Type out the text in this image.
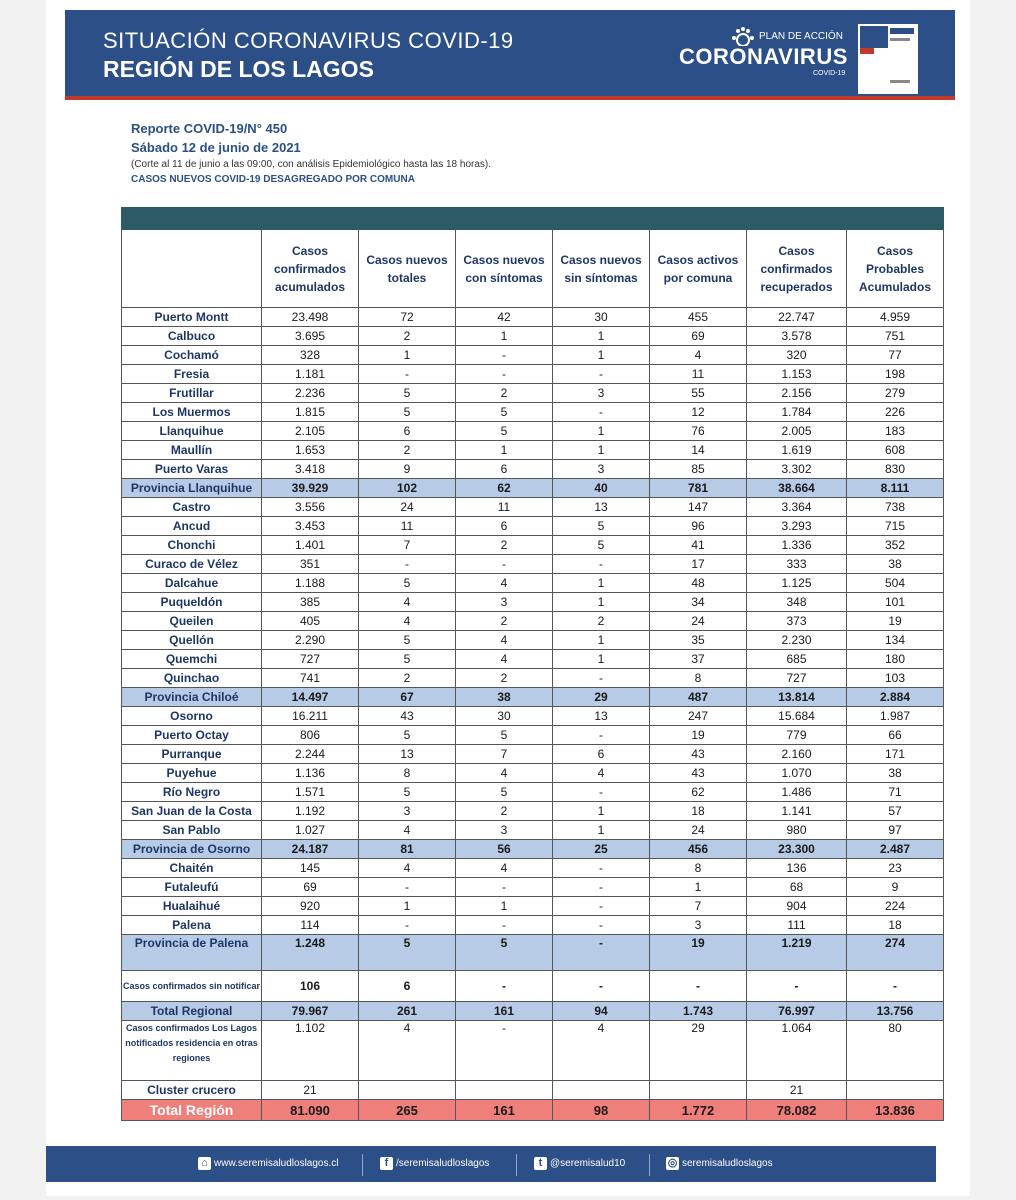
SITUACIÓN CORONAVIRUS COVID-19
REGIÓN DE LOS LAGOS
PLAN DE ACCIÓN
CORONAVIRUS
COVID-19
Reporte COVID-19/N° 450
Sábado 12 de junio de 2021
(Corte al 11 de junio a las 09:00, con análisis Epidemiológico hasta las 18 horas).
CASOS NUEVOS COVID-19 DESAGREGADO POR COMUNA

	Casos confirmados acumulados	Casos nuevos totales	Casos nuevos con síntomas	Casos nuevos sin síntomas	Casos activos por comuna	Casos confirmados recuperados	Casos Probables Acumulados
Puerto Montt	23.498	72	42	30	455	22.747	4.959
Calbuco	3.695	2	1	1	69	3.578	751
Cochamó	328	1	-	1	4	320	77
Fresia	1.181	-	-	-	11	1.153	198
Frutillar	2.236	5	2	3	55	2.156	279
Los Muermos	1.815	5	5	-	12	1.784	226
Llanquihue	2.105	6	5	1	76	2.005	183
Maullín	1.653	2	1	1	14	1.619	608
Puerto Varas	3.418	9	6	3	85	3.302	830
Provincia Llanquihue	39.929	102	62	40	781	38.664	8.111
Castro	3.556	24	11	13	147	3.364	738
Ancud	3.453	11	6	5	96	3.293	715
Chonchi	1.401	7	2	5	41	1.336	352
Curaco de Vélez	351	-	-	-	17	333	38
Dalcahue	1.188	5	4	1	48	1.125	504
Puqueldón	385	4	3	1	34	348	101
Queilen	405	4	2	2	24	373	19
Quellón	2.290	5	4	1	35	2.230	134
Quemchi	727	5	4	1	37	685	180
Quinchao	741	2	2	-	8	727	103
Provincia Chiloé	14.497	67	38	29	487	13.814	2.884
Osorno	16.211	43	30	13	247	15.684	1.987
Puerto Octay	806	5	5	-	19	779	66
Purranque	2.244	13	7	6	43	2.160	171
Puyehue	1.136	8	4	4	43	1.070	38
Río Negro	1.571	5	5	-	62	1.486	71
San Juan de la Costa	1.192	3	2	1	18	1.141	57
San Pablo	1.027	4	3	1	24	980	97
Provincia de Osorno	24.187	81	56	25	456	23.300	2.487
Chaitén	145	4	4	-	8	136	23
Futaleufú	69	-	-	-	1	68	9
Hualaihué	920	1	1	-	7	904	224
Palena	114	-	-	-	3	111	18
Provincia de Palena	1.248	5	5	-	19	1.219	274
Casos confirmados sin notificar	106	6	-	-	-	-	-
Total Regional	79.967	261	161	94	1.743	76.997	13.756
Casos confirmados Los Lagos notificados residencia en otras regiones	1.102	4	-	4	29	1.064	80
Cluster crucero	21					21	
Total Región	81.090	265	161	98	1.772	78.082	13.836
⌂ www.seremisaludloslagos.cl	f /seremisaludloslagos	t @seremisalud10	◎ seremisaludloslagos
